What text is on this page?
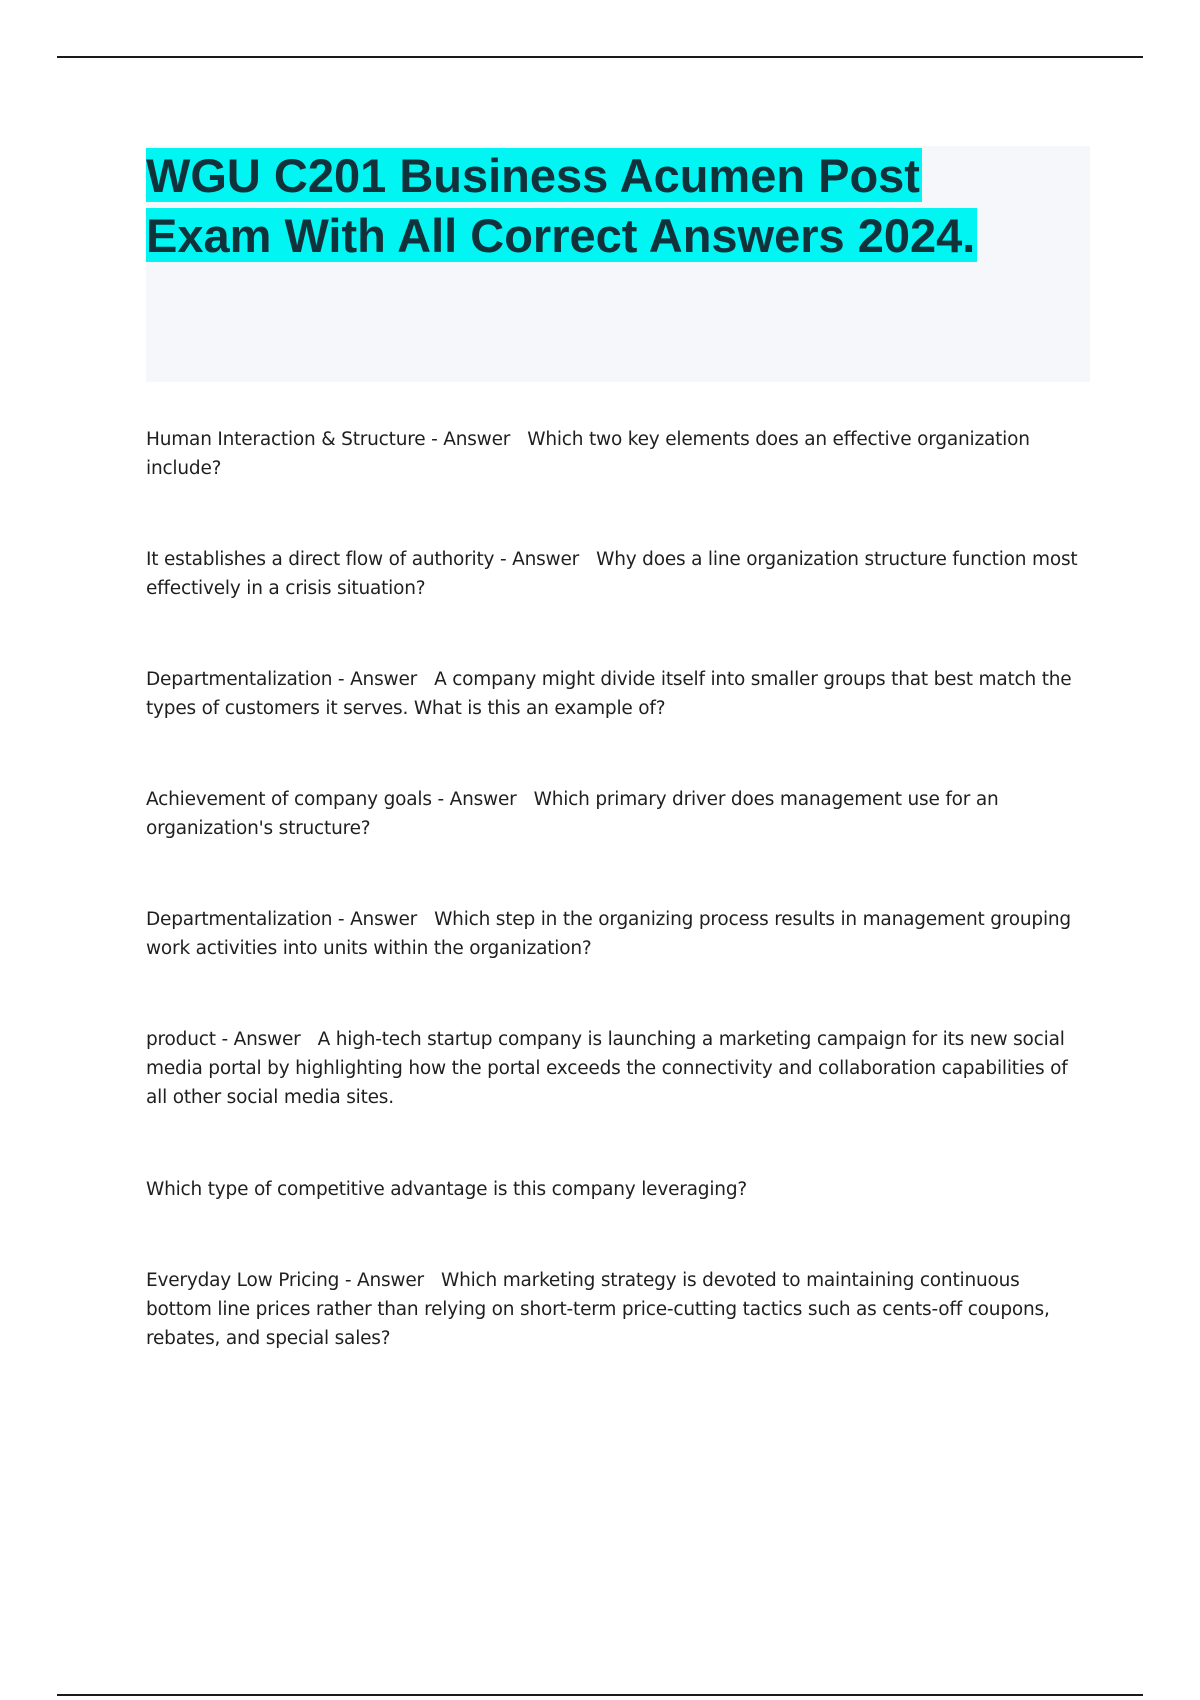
WGU C201 Business Acumen Post
Exam With All Correct Answers 2024.

Human Interaction & Structure - Answer Which two key elements does an effective organization include?

It establishes a direct flow of authority - Answer Why does a line organization structure function most effectively in a crisis situation?

Departmentalization - Answer A company might divide itself into smaller groups that best match the types of customers it serves. What is this an example of?

Achievement of company goals - Answer Which primary driver does management use for an organization's structure?

Departmentalization - Answer Which step in the organizing process results in management grouping work activities into units within the organization?

product - Answer A high-tech startup company is launching a marketing campaign for its new social media portal by highlighting how the portal exceeds the connectivity and collaboration capabilities of all other social media sites.

Which type of competitive advantage is this company leveraging?

Everyday Low Pricing - Answer Which marketing strategy is devoted to maintaining continuous bottom line prices rather than relying on short-term price-cutting tactics such as cents-off coupons, rebates, and special sales?
